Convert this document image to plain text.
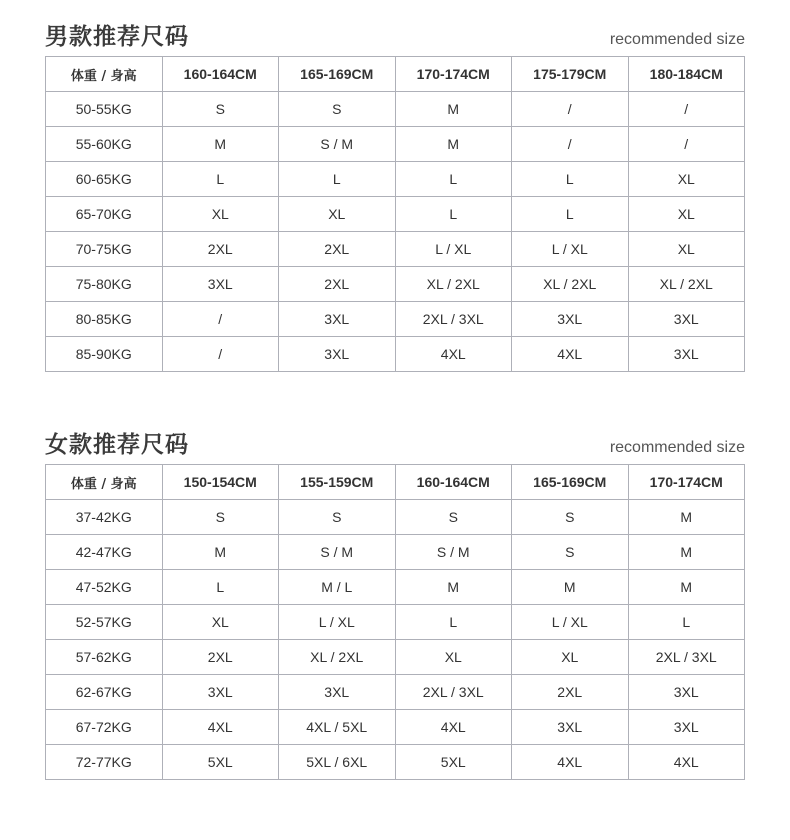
男款推荐尺码	recommended size
体重 / 身高	160-164CM	165-169CM	170-174CM	175-179CM	180-184CM
50-55KG	S	S	M	/	/
55-60KG	M	S / M	M	/	/
60-65KG	L	L	L	L	XL
65-70KG	XL	XL	L	L	XL
70-75KG	2XL	2XL	L / XL	L / XL	XL
75-80KG	3XL	2XL	XL / 2XL	XL / 2XL	XL / 2XL
80-85KG	/	3XL	2XL / 3XL	3XL	3XL
85-90KG	/	3XL	4XL	4XL	3XL
女款推荐尺码	recommended size
体重 / 身高	150-154CM	155-159CM	160-164CM	165-169CM	170-174CM
37-42KG	S	S	S	S	M
42-47KG	M	S / M	S / M	S	M
47-52KG	L	M / L	M	M	M
52-57KG	XL	L / XL	L	L / XL	L
57-62KG	2XL	XL / 2XL	XL	XL	2XL / 3XL
62-67KG	3XL	3XL	2XL / 3XL	2XL	3XL
67-72KG	4XL	4XL / 5XL	4XL	3XL	3XL
72-77KG	5XL	5XL / 6XL	5XL	4XL	4XL
